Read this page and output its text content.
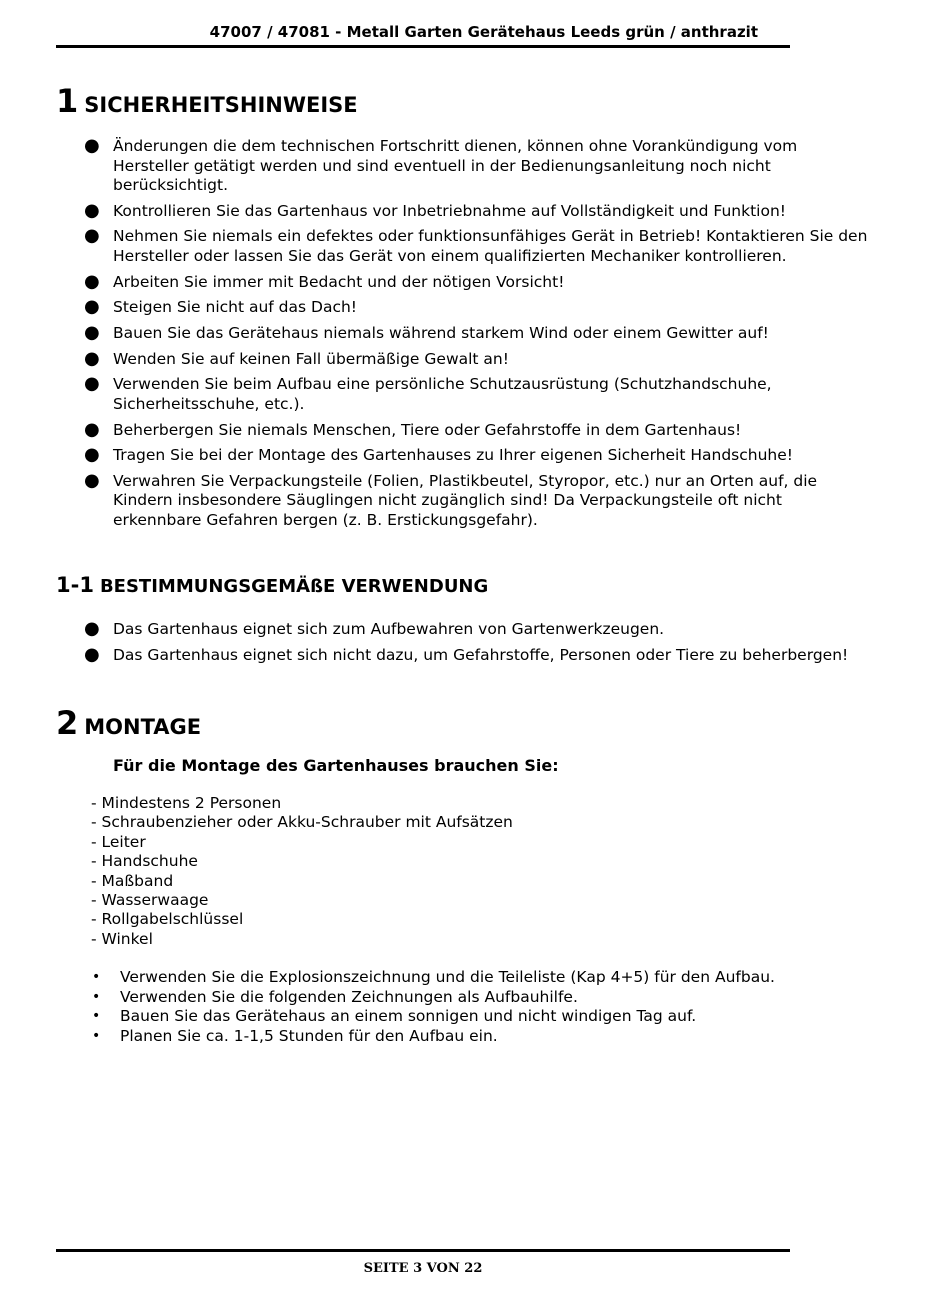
47007 / 47081 - Metall Garten Gerätehaus Leeds grün / anthrazit
1 SICHERHEITSHINWEISE
● Änderungen die dem technischen Fortschritt dienen, können ohne Vorankündigung vom Hersteller getätigt werden und sind eventuell in der Bedienungsanleitung noch nicht berücksichtigt.
● Kontrollieren Sie das Gartenhaus vor Inbetriebnahme auf Vollständigkeit und Funktion!
● Nehmen Sie niemals ein defektes oder funktionsunfähiges Gerät in Betrieb! Kontaktieren Sie den Hersteller oder lassen Sie das Gerät von einem qualifizierten Mechaniker kontrollieren.
● Arbeiten Sie immer mit Bedacht und der nötigen Vorsicht!
● Steigen Sie nicht auf das Dach!
● Bauen Sie das Gerätehaus niemals während starkem Wind oder einem Gewitter auf!
● Wenden Sie auf keinen Fall übermäßige Gewalt an!
● Verwenden Sie beim Aufbau eine persönliche Schutzausrüstung (Schutzhandschuhe, Sicherheitsschuhe, etc.).
● Beherbergen Sie niemals Menschen, Tiere oder Gefahrstoffe in dem Gartenhaus!
● Tragen Sie bei der Montage des Gartenhauses zu Ihrer eigenen Sicherheit Handschuhe!
● Verwahren Sie Verpackungsteile (Folien, Plastikbeutel, Styropor, etc.) nur an Orten auf, die Kindern insbesondere Säuglingen nicht zugänglich sind! Da Verpackungsteile oft nicht erkennbare Gefahren bergen (z. B. Erstickungsgefahr).
1-1 BESTIMMUNGSGEMÄßE VERWENDUNG
● Das Gartenhaus eignet sich zum Aufbewahren von Gartenwerkzeugen.
● Das Gartenhaus eignet sich nicht dazu, um Gefahrstoffe, Personen oder Tiere zu beherbergen!
2 MONTAGE
Für die Montage des Gartenhauses brauchen Sie:
- Mindestens 2 Personen
- Schraubenzieher oder Akku-Schrauber mit Aufsätzen
- Leiter
- Handschuhe
- Maßband
- Wasserwaage
- Rollgabelschlüssel
- Winkel
• Verwenden Sie die Explosionszeichnung und die Teileliste (Kap 4+5) für den Aufbau.
• Verwenden Sie die folgenden Zeichnungen als Aufbauhilfe.
• Bauen Sie das Gerätehaus an einem sonnigen und nicht windigen Tag auf.
• Planen Sie ca. 1-1,5 Stunden für den Aufbau ein.
SEITE 3 VON 22
